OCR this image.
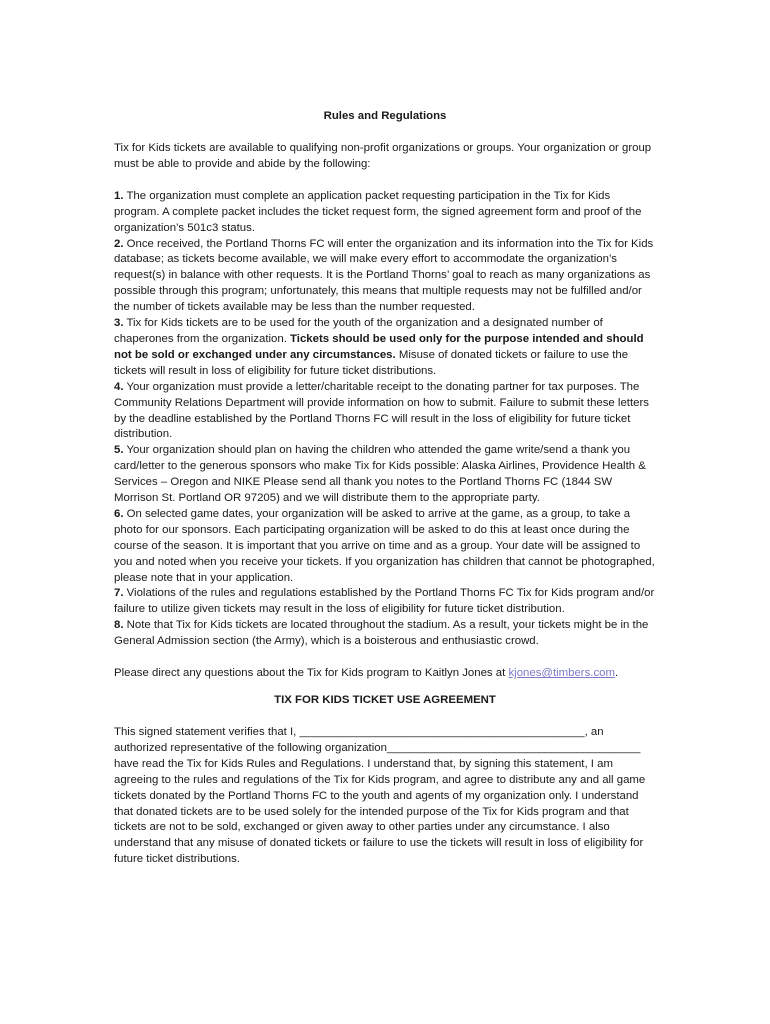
Rules and Regulations

Tix for Kids tickets are available to qualifying non-profit organizations or groups. Your organization or group must be able to provide and abide by the following:

1. The organization must complete an application packet requesting participation in the Tix for Kids program. A complete packet includes the ticket request form, the signed agreement form and proof of the organization’s 501c3 status.

2. Once received, the Portland Thorns FC will enter the organization and its information into the Tix for Kids database; as tickets become available, we will make every effort to accommodate the organization’s request(s) in balance with other requests. It is the Portland Thorns’ goal to reach as many organizations as possible through this program; unfortunately, this means that multiple requests may not be fulfilled and/or the number of tickets available may be less than the number requested.

3. Tix for Kids tickets are to be used for the youth of the organization and a designated number of chaperones from the organization. Tickets should be used only for the purpose intended and should not be sold or exchanged under any circumstances. Misuse of donated tickets or failure to use the tickets will result in loss of eligibility for future ticket distributions.

4. Your organization must provide a letter/charitable receipt to the donating partner for tax purposes. The Community Relations Department will provide information on how to submit. Failure to submit these letters by the deadline established by the Portland Thorns FC will result in the loss of eligibility for future ticket distribution.

5. Your organization should plan on having the children who attended the game write/send a thank you card/letter to the generous sponsors who make Tix for Kids possible: Alaska Airlines, Providence Health & Services – Oregon and NIKE Please send all thank you notes to the Portland Thorns FC (1844 SW Morrison St. Portland OR 97205) and we will distribute them to the appropriate party.

6. On selected game dates, your organization will be asked to arrive at the game, as a group, to take a photo for our sponsors. Each participating organization will be asked to do this at least once during the course of the season. It is important that you arrive on time and as a group. Your date will be assigned to you and noted when you receive your tickets. If you organization has children that cannot be photographed, please note that in your application.

7. Violations of the rules and regulations established by the Portland Thorns FC Tix for Kids program and/or failure to utilize given tickets may result in the loss of eligibility for future ticket distribution.

8. Note that Tix for Kids tickets are located throughout the stadium. As a result, your tickets might be in the General Admission section (the Army), which is a boisterous and enthusiastic crowd.

Please direct any questions about the Tix for Kids program to Kaitlyn Jones at kjones@timbers.com.

TIX FOR KIDS TICKET USE AGREEMENT

This signed statement verifies that I, _____________________________________________, an authorized representative of the following organization________________________________________ have read the Tix for Kids Rules and Regulations. I understand that, by signing this statement, I am agreeing to the rules and regulations of the Tix for Kids program, and agree to distribute any and all game tickets donated by the Portland Thorns FC to the youth and agents of my organization only. I understand that donated tickets are to be used solely for the intended purpose of the Tix for Kids program and that tickets are not to be sold, exchanged or given away to other parties under any circumstance. I also understand that any misuse of donated tickets or failure to use the tickets will result in loss of eligibility for future ticket distributions.
